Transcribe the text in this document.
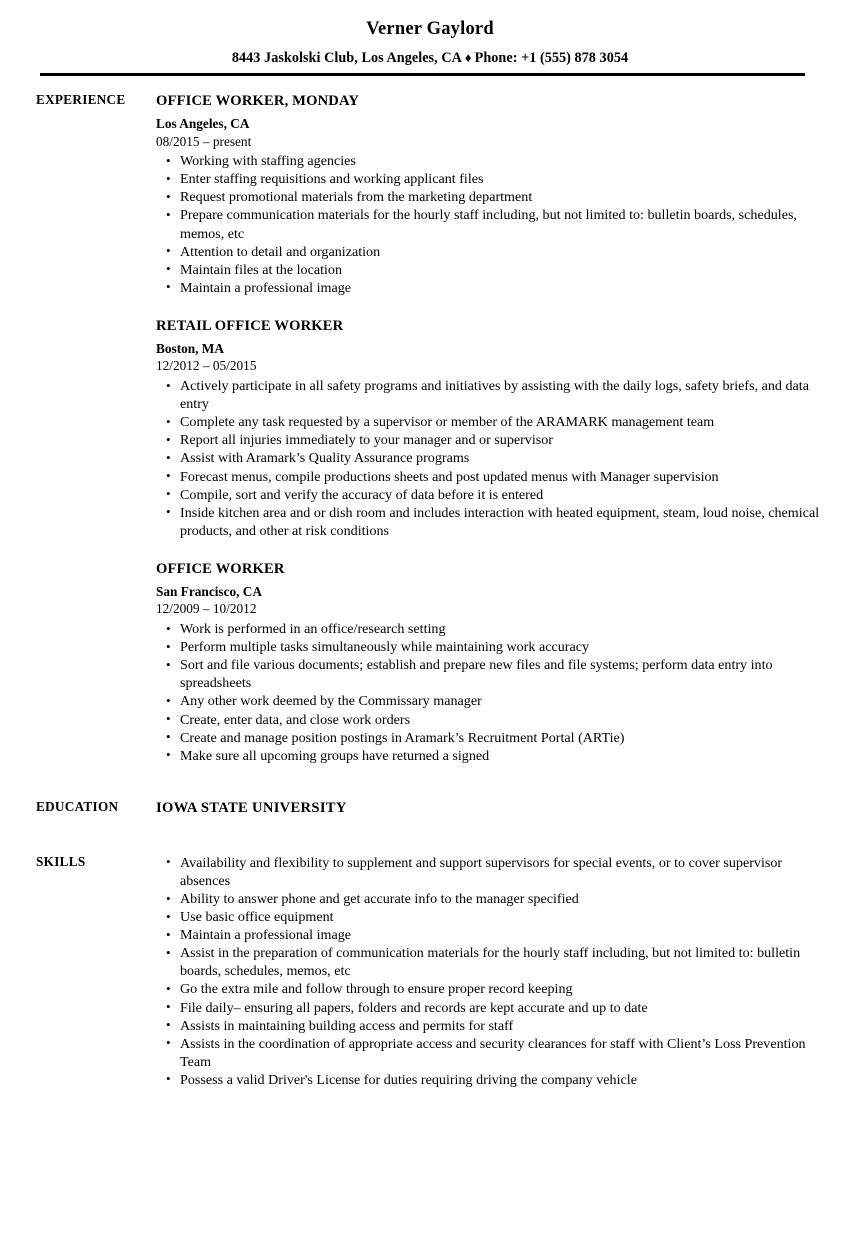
Verner Gaylord
8443 Jaskolski Club, Los Angeles, CA ♦ Phone: +1 (555) 878 3054
EXPERIENCE	OFFICE WORKER, MONDAY
Los Angeles, CA
08/2015 – present
• Working with staffing agencies
• Enter staffing requisitions and working applicant files
• Request promotional materials from the marketing department
• Prepare communication materials for the hourly staff including, but not limited to: bulletin boards, schedules, memos, etc
• Attention to detail and organization
• Maintain files at the location
• Maintain a professional image
RETAIL OFFICE WORKER
Boston, MA
12/2012 – 05/2015
• Actively participate in all safety programs and initiatives by assisting with the daily logs, safety briefs, and data entry
• Complete any task requested by a supervisor or member of the ARAMARK management team
• Report all injuries immediately to your manager and or supervisor
• Assist with Aramark’s Quality Assurance programs
• Forecast menus, compile productions sheets and post updated menus with Manager supervision
• Compile, sort and verify the accuracy of data before it is entered
• Inside kitchen area and or dish room and includes interaction with heated equipment, steam, loud noise, chemical products, and other at risk conditions
OFFICE WORKER
San Francisco, CA
12/2009 – 10/2012
• Work is performed in an office/research setting
• Perform multiple tasks simultaneously while maintaining work accuracy
• Sort and file various documents; establish and prepare new files and file systems; perform data entry into spreadsheets
• Any other work deemed by the Commissary manager
• Create, enter data, and close work orders
• Create and manage position postings in Aramark’s Recruitment Portal (ARTie)
• Make sure all upcoming groups have returned a signed
EDUCATION	IOWA STATE UNIVERSITY
SKILLS	• Availability and flexibility to supplement and support supervisors for special events, or to cover supervisor absences
• Ability to answer phone and get accurate info to the manager specified
• Use basic office equipment
• Maintain a professional image
• Assist in the preparation of communication materials for the hourly staff including, but not limited to: bulletin boards, schedules, memos, etc
• Go the extra mile and follow through to ensure proper record keeping
• File daily– ensuring all papers, folders and records are kept accurate and up to date
• Assists in maintaining building access and permits for staff
• Assists in the coordination of appropriate access and security clearances for staff with Client’s Loss Prevention Team
• Possess a valid Driver's License for duties requiring driving the company vehicle
